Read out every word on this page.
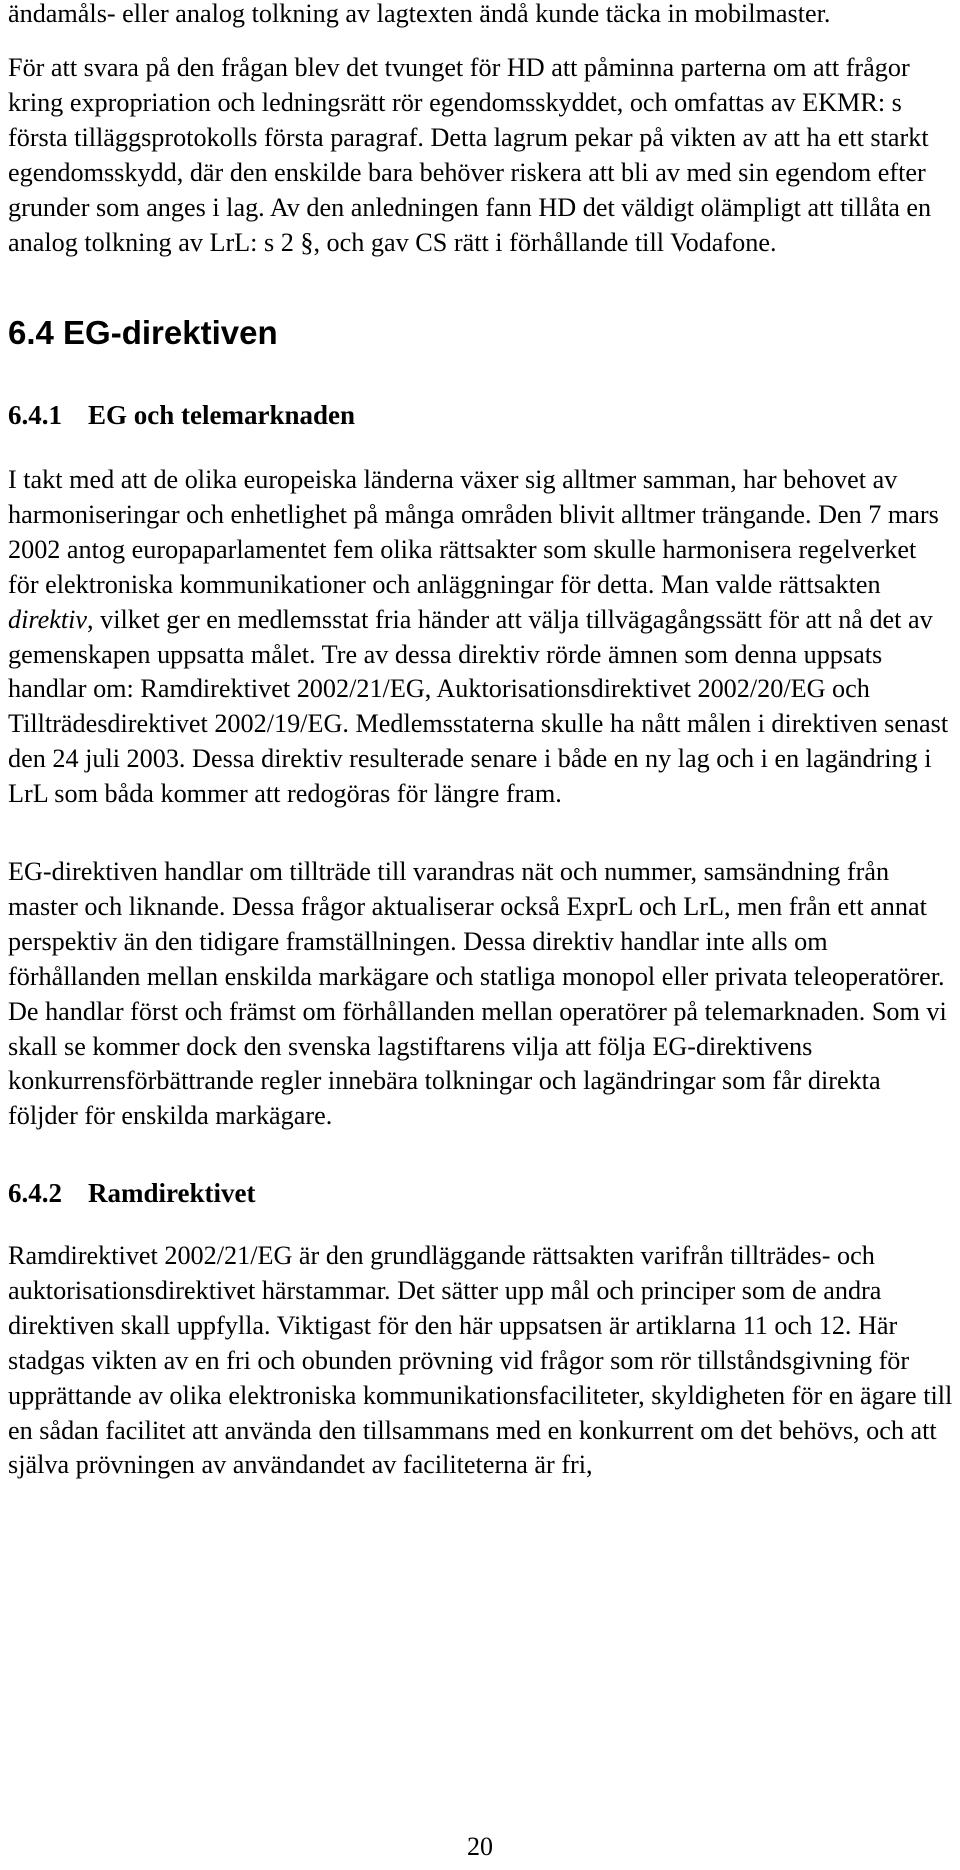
ändamåls- eller analog tolkning av lagtexten ändå kunde täcka in mobilmaster.

För att svara på den frågan blev det tvunget för HD att påminna parterna om att frågor kring expropriation och ledningsrätt rör egendomsskyddet, och omfattas av EKMR: s första tilläggsprotokolls första paragraf. Detta lagrum pekar på vikten av att ha ett starkt egendomsskydd, där den enskilde bara behöver riskera att bli av med sin egendom efter grunder som anges i lag. Av den anledningen fann HD det väldigt olämpligt att tillåta en analog tolkning av LrL: s 2 §, och gav CS rätt i förhållande till Vodafone.

6.4 EG-direktiven
6.4.1 EG och telemarknaden

I takt med att de olika europeiska länderna växer sig alltmer samman, har behovet av harmoniseringar och enhetlighet på många områden blivit alltmer trängande. Den 7 mars 2002 antog europaparlamentet fem olika rättsakter som skulle harmonisera regelverket för elektroniska kommunikationer och anläggningar för detta. Man valde rättsakten direktiv, vilket ger en medlemsstat fria händer att välja tillvägagångssätt för att nå det av gemenskapen uppsatta målet. Tre av dessa direktiv rörde ämnen som denna uppsats handlar om: Ramdirektivet 2002/21/EG, Auktorisationsdirektivet 2002/20/EG och Tillträdesdirektivet 2002/19/EG. Medlemsstaterna skulle ha nått målen i direktiven senast den 24 juli 2003. Dessa direktiv resulterade senare i både en ny lag och i en lagändring i LrL som båda kommer att redogöras för längre fram.

EG-direktiven handlar om tillträde till varandras nät och nummer, samsändning från master och liknande. Dessa frågor aktualiserar också ExprL och LrL, men från ett annat perspektiv än den tidigare framställningen. Dessa direktiv handlar inte alls om förhållanden mellan enskilda markägare och statliga monopol eller privata teleoperatörer. De handlar först och främst om förhållanden mellan operatörer på telemarknaden. Som vi skall se kommer dock den svenska lagstiftarens vilja att följa EG-direktivens konkurrensförbättrande regler innebära tolkningar och lagändringar som får direkta följder för enskilda markägare.

6.4.2 Ramdirektivet

Ramdirektivet 2002/21/EG är den grundläggande rättsakten varifrån tillträdes- och auktorisationsdirektivet härstammar. Det sätter upp mål och principer som de andra direktiven skall uppfylla. Viktigast för den här uppsatsen är artiklarna 11 och 12. Här stadgas vikten av en fri och obunden prövning vid frågor som rör tillståndsgivning för upprättande av olika elektroniska kommunikationsfaciliteter, skyldigheten för en ägare till en sådan facilitet att använda den tillsammans med en konkurrent om det behövs, och att själva prövningen av användandet av faciliteterna är fri,

20
